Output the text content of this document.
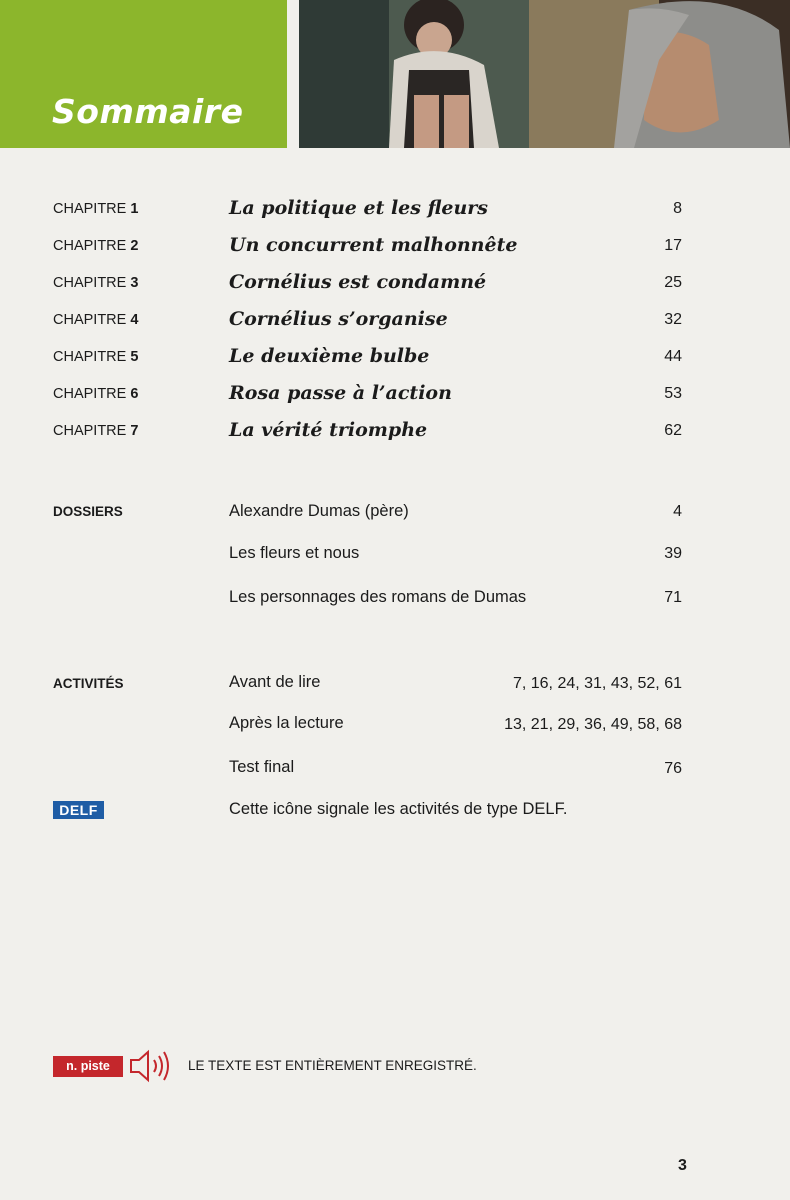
Sommaire
CHAPITRE 1	La politique et les fleurs	8
CHAPITRE 2	Un concurrent malhonnête	17
CHAPITRE 3	Cornélius est condamné	25
CHAPITRE 4	Cornélius s’organise	32
CHAPITRE 5	Le deuxième bulbe	44
CHAPITRE 6	Rosa passe à l’action	53
CHAPITRE 7	La vérité triomphe	62
DOSSIERS	Alexandre Dumas (père)	4
Les fleurs et nous	39
Les personnages des romans de Dumas	71
ACTIVITÉS	Avant de lire	7, 16, 24, 31, 43, 52, 61
Après la lecture	13, 21, 29, 36, 49, 58, 68
Test final	76
DELF	Cette icône signale les activités de type DELF.
n. piste	LE TEXTE EST ENTIÈREMENT ENREGISTRÉ.
3
